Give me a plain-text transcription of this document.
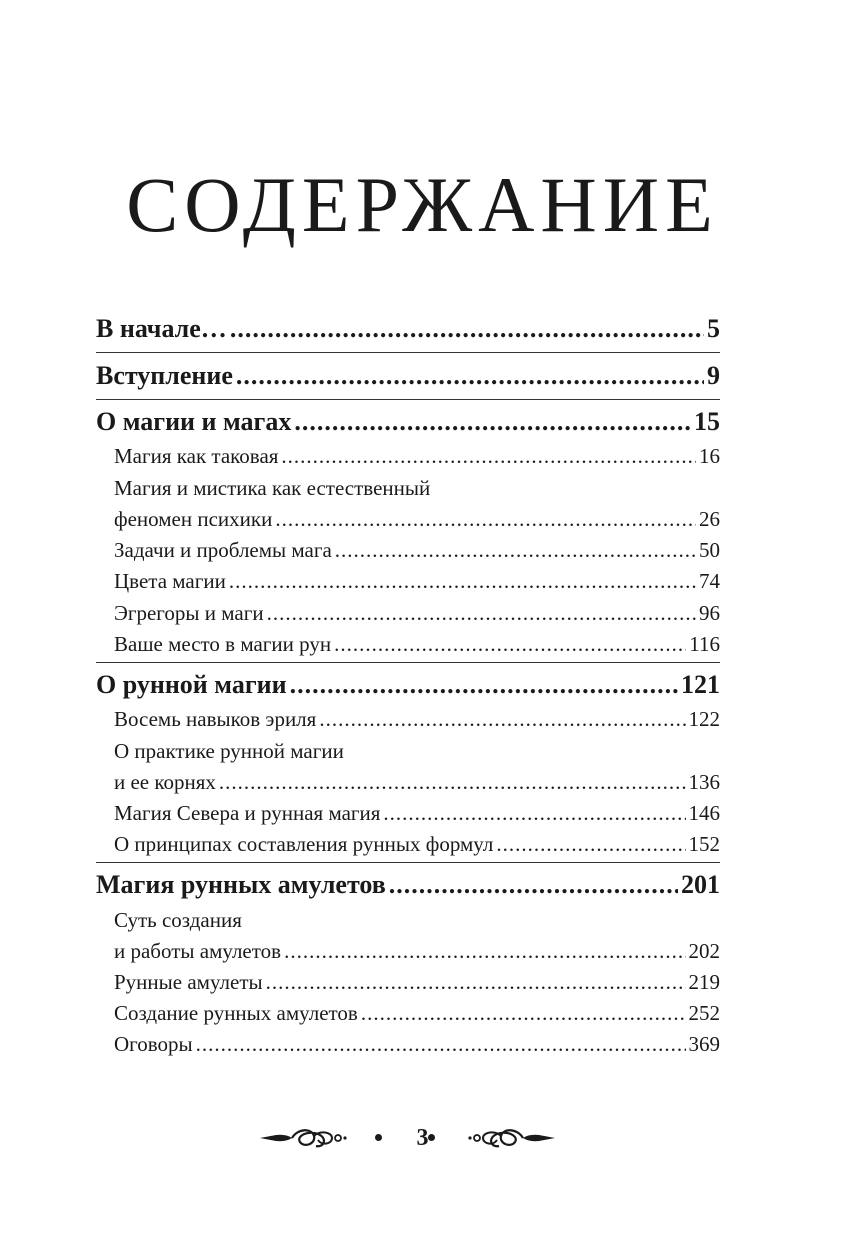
СОДЕРЖАНИЕ
В начале… .....	5
Вступление .....	9
О магии и магах .....	15
Магия как таковая .....	16
Магия и мистика как естественный
феномен психики .....	26
Задачи и проблемы мага .....	50
Цвета магии .....	74
Эгрегоры и маги .....	96
Ваше место в магии рун .....	116
О рунной магии .....	121
Восемь навыков эриля .....	122
О практике рунной магии
и ее корнях .....	136
Магия Севера и рунная магия .....	146
О принципах составления рунных формул .....	152
Магия рунных амулетов .....	201
Суть создания
и работы амулетов .....	202
Рунные амулеты .....	219
Создание рунных амулетов .....	252
Оговоры .....	369
3
